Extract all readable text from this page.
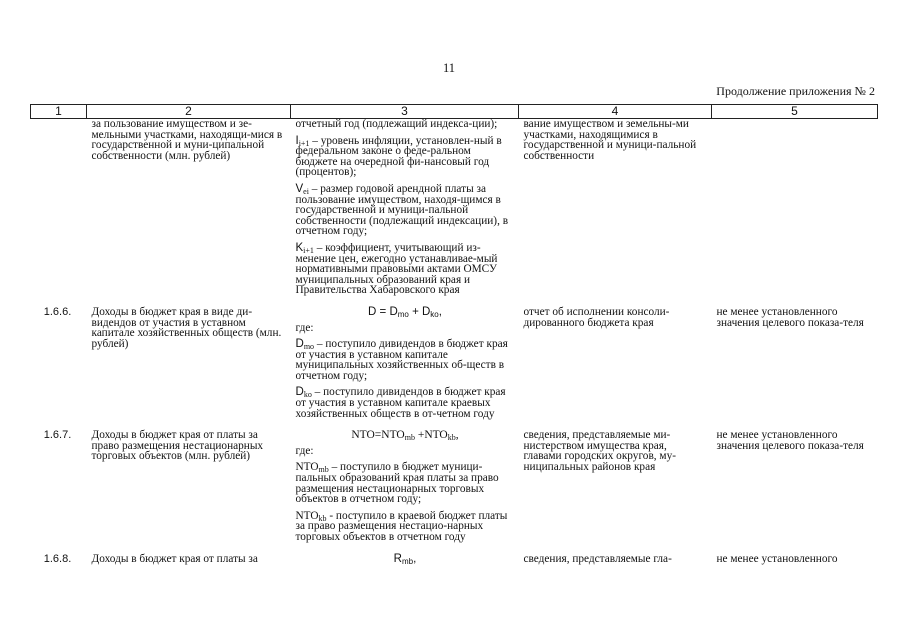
11
Продолжение приложения № 2
1	2	3	4	5
	за пользование имуществом и зе-мельными участками, находящи-мися в государственной и муни-ципальной собственности (млн. рублей)	отчетный год (подлежащий индекса-ции);
$I_{i+1}$ – уровень инфляции, установлен-ный в федеральном законе о феде-ральном бюджете на очередной фи-нансовый год (процентов);
$V_{ei}$ – размер годовой арендной платы за пользование имуществом, находя-щимся в государственной и муници-пальной собственности (подлежащий индексации), в отчетном году;
$K_{i+1}$ – коэффициент, учитывающий из-менение цен, ежегодно устанавливае-мый нормативными правовыми актами ОМСУ муниципальных образований края и Правительства Хабаровского края	вание имуществом и земельны-ми участками, находящимися в государственной и муници-пальной собственности	
1.6.6.	Доходы в бюджет края в виде ди-видендов от участия в уставном капитале хозяйственных обществ (млн. рублей)	$D = D_{mo} + D_{ko}$,
где:
$D_{mo}$ – поступило дивидендов в бюджет края от участия в уставном капитале муниципальных хозяйственных об-ществ в отчетном году;
$D_{ko}$ – поступило дивидендов в бюджет края от участия в уставном капитале краевых хозяйственных обществ в от-четном году	отчет об исполнении консоли-дированного бюджета края	не менее установленного значения целевого показа-теля
1.6.7.	Доходы в бюджет края от платы за право размещения нестационарных торговых объектов (млн. рублей)	$NTO=NTO_{mb} +NTO_{kb}$,
где:
$NTO_{mb}$ – поступило в бюджет муници-пальных образований края платы за право размещения нестационарных торговых объектов в отчетном году;
$NTO_{kb}$ - поступило в краевой бюджет платы за право размещения нестацио-нарных торговых объектов в отчетном году	сведения, представляемые ми-нистерством имущества края, главами городских округов, му-ниципальных районов края	не менее установленного значения целевого показа-теля
1.6.8.	Доходы в бюджет края от платы за	$R_{mb}$,	сведения, представляемые гла-	не менее установленного
